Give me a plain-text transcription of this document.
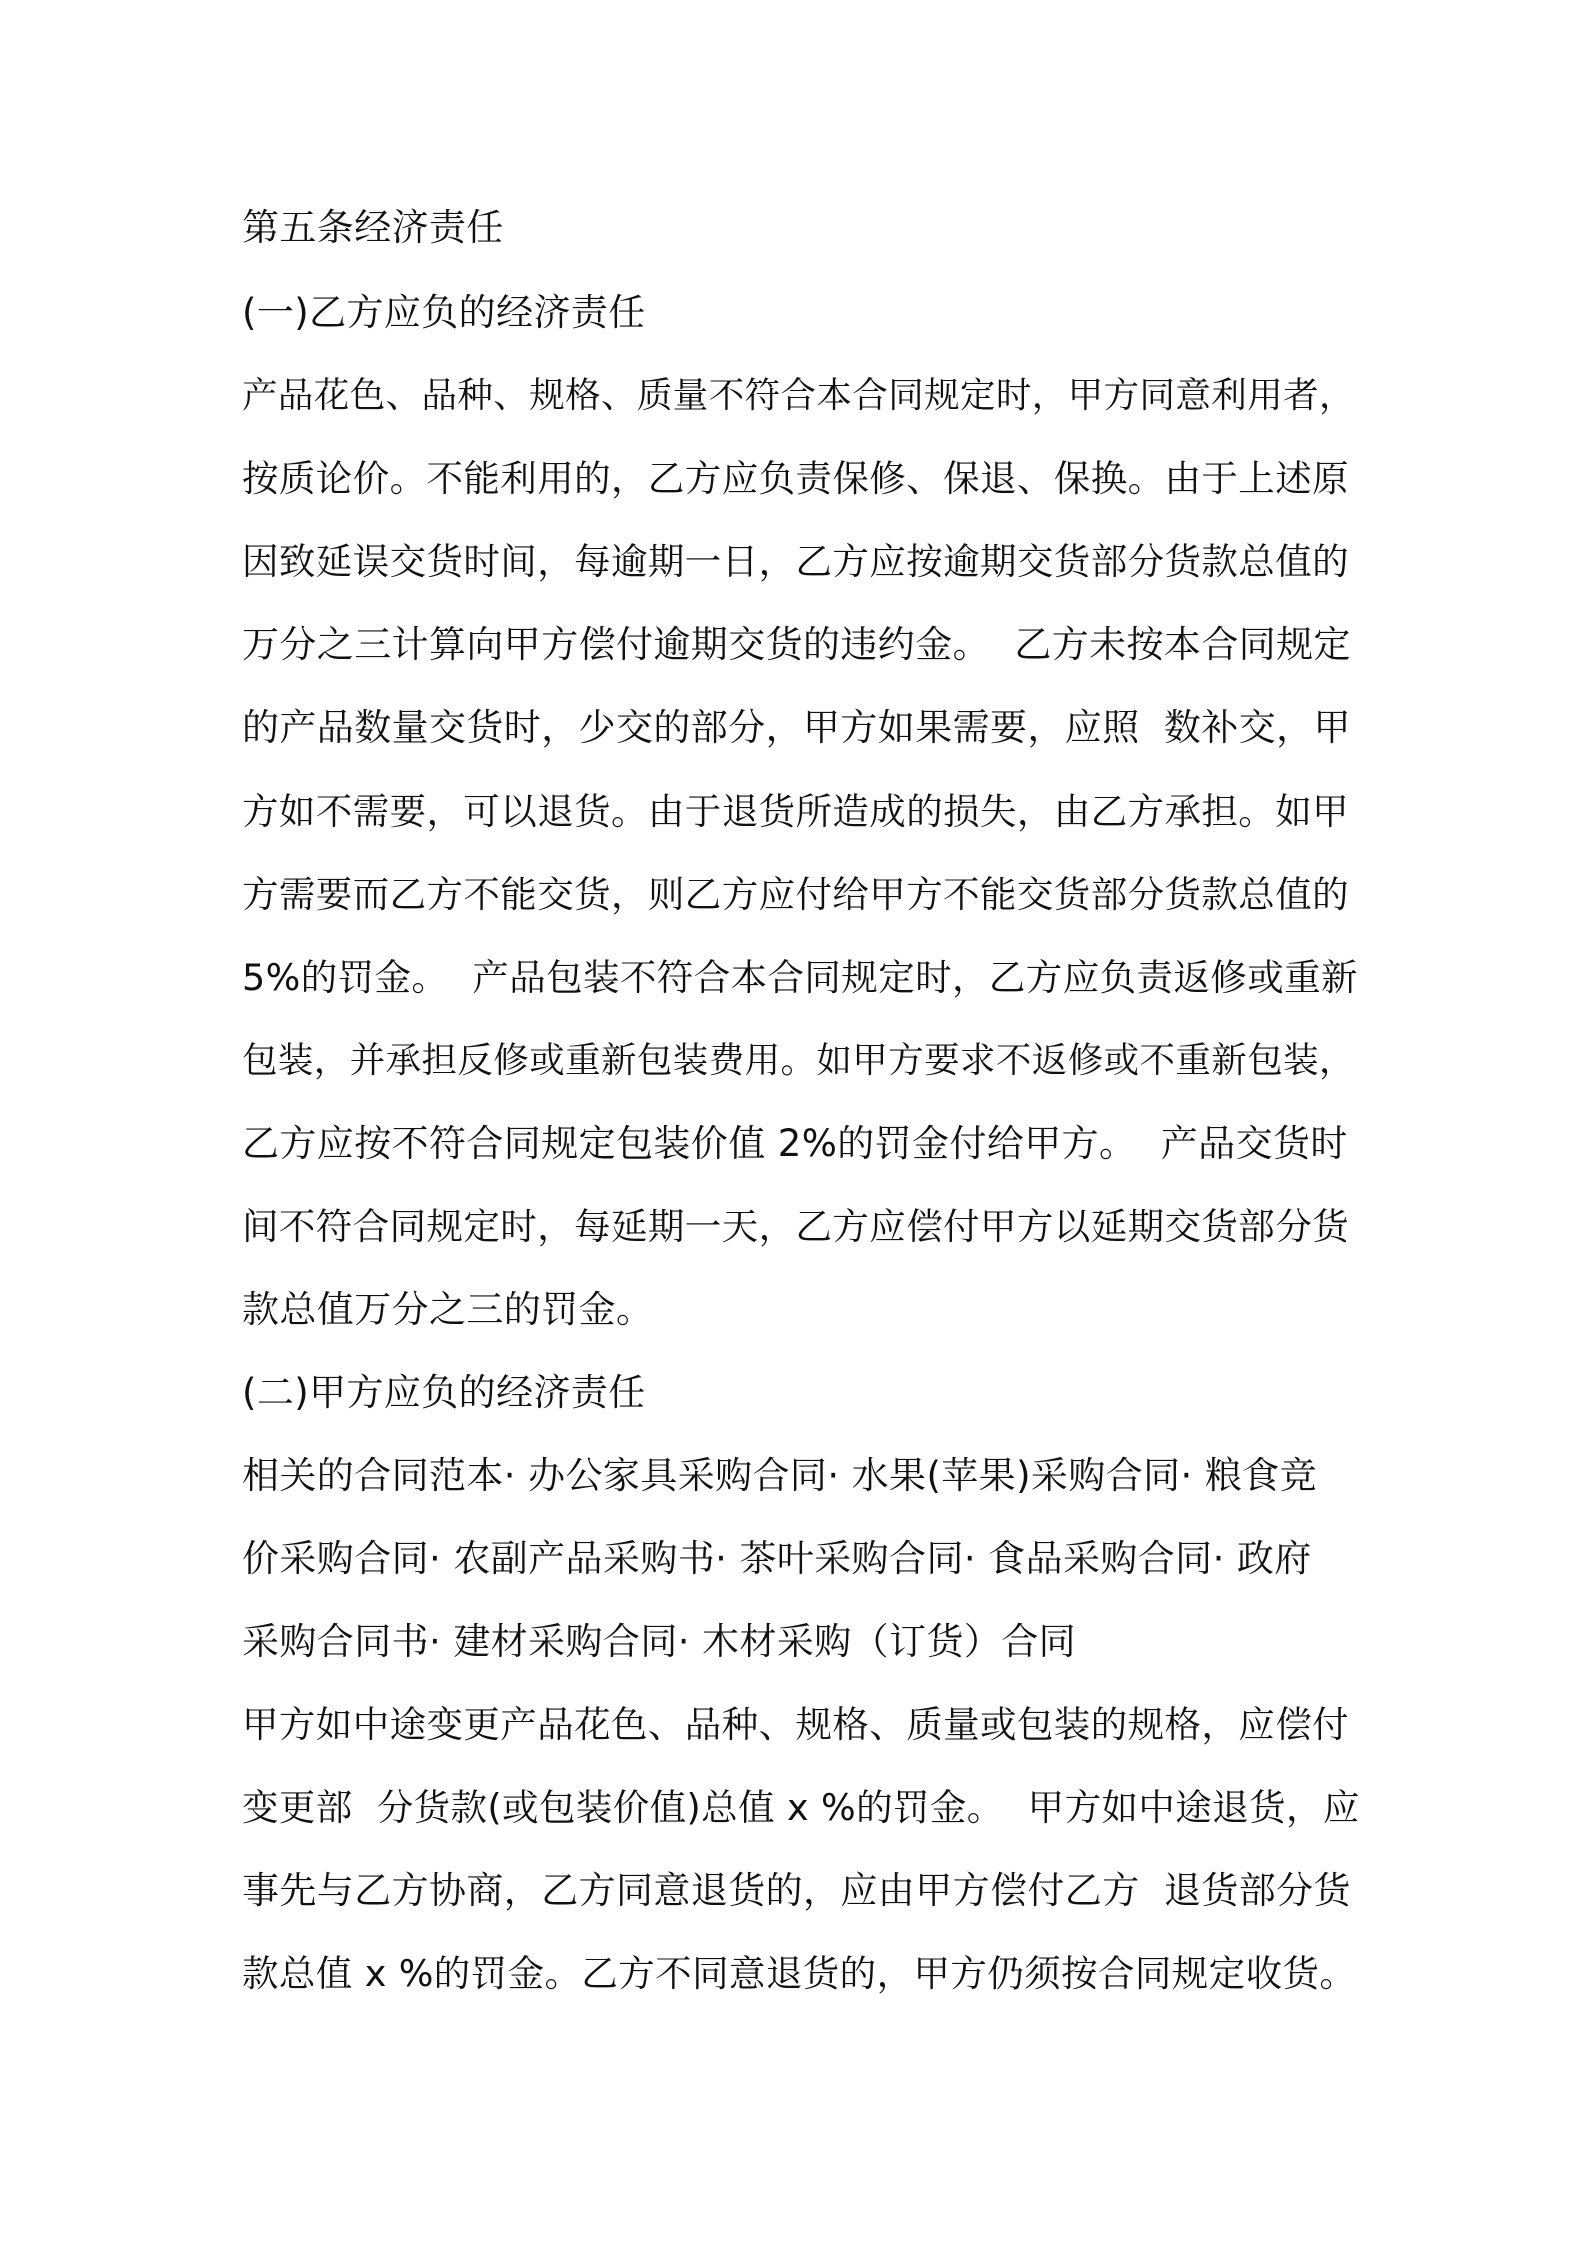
第五条经济责任
(一)乙方应负的经济责任
产品花色、品种、规格、质量不符合本合同规定时，甲方同意利用者，
按质论价。不能利用的，乙方应负责保修、保退、保换。由于上述原
因致延误交货时间，每逾期一日，乙方应按逾期交货部分货款总值的
万分之三计算向甲方偿付逾期交货的违约金。  乙方未按本合同规定
的产品数量交货时，少交的部分，甲方如果需要，应照  数补交，甲
方如不需要，可以退货。由于退货所造成的损失，由乙方承担。如甲
方需要而乙方不能交货，则乙方应付给甲方不能交货部分货款总值的
5%的罚金。  产品包装不符合本合同规定时，乙方应负责返修或重新
包装，并承担反修或重新包装费用。如甲方要求不返修或不重新包装，
乙方应按不符合同规定包装价值 2%的罚金付给甲方。  产品交货时
间不符合同规定时，每延期一天，乙方应偿付甲方以延期交货部分货
款总值万分之三的罚金。
(二)甲方应负的经济责任
相关的合同范本· 办公家具采购合同· 水果(苹果)采购合同· 粮食竞
价采购合同· 农副产品采购书· 茶叶采购合同· 食品采购合同· 政府
采购合同书· 建材采购合同· 木材采购（订货）合同
甲方如中途变更产品花色、品种、规格、质量或包装的规格，应偿付
变更部  分货款(或包装价值)总值 x %的罚金。  甲方如中途退货，应
事先与乙方协商，乙方同意退货的，应由甲方偿付乙方  退货部分货
款总值 x %的罚金。乙方不同意退货的，甲方仍须按合同规定收货。
